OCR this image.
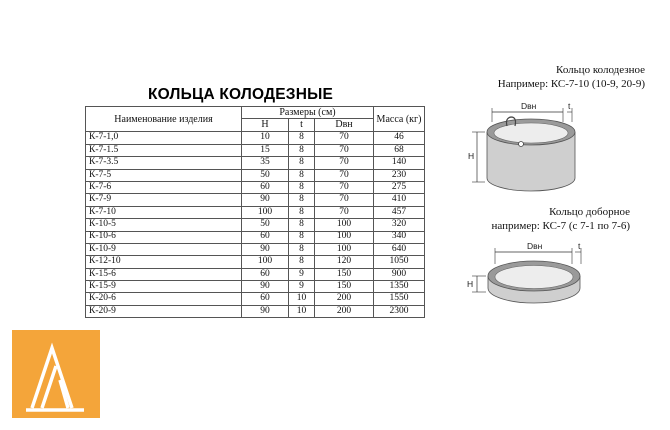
КОЛЬЦА КОЛОДЕЗНЫЕ
Наименование изделия	Размеры (см)			Масса (кг)
	H	t	Dвн	
К-7-1,0	10	8	70	46
К-7-1.5	15	8	70	68
К-7-3.5	35	8	70	140
К-7-5	50	8	70	230
К-7-6	60	8	70	275
К-7-9	90	8	70	410
К-7-10	100	8	70	457
К-10-5	50	8	100	320
К-10-6	60	8	100	340
К-10-9	90	8	100	640
К-12-10	100	8	120	1050
К-15-6	60	9	150	900
К-15-9	90	9	150	1350
К-20-6	60	10	200	1550
К-20-9	90	10	200	2300
Кольцо колодезное
Например: КС-7-10 (10-9, 20-9)
Dвн	t
H
Кольцо доборное
например: КС-7 (с 7-1 по 7-6)
Dвн	t
H
